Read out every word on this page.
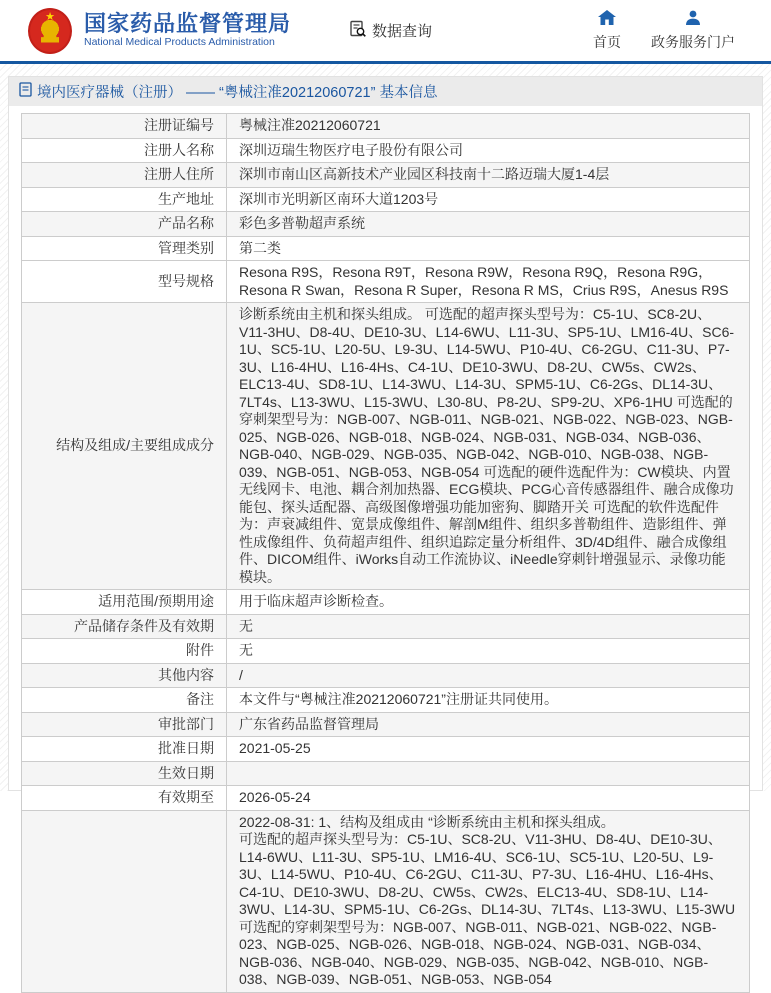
★	国家药品监督管理局
National Medical Products Administration
数据查询
首页 政务服务门户
境内医疗器械（注册） —— “粤械注准20212060721” 基本信息
注册证编号	粤械注准20212060721
注册人名称	深圳迈瑞生物医疗电子股份有限公司
注册人住所	深圳市南山区高新技术产业园区科技南十二路迈瑞大厦1-4层
生产地址	深圳市光明新区南环大道1203号
产品名称	彩色多普勒超声系统
管理类别	第二类
型号规格	Resona R9S，Resona R9T，Resona R9W，Resona R9Q，Resona R9G，Resona R Swan，Resona R Super，Resona R MS，Crius R9S，Anesus R9S
结构及组成/主要组成成分	诊断系统由主机和探头组成。 可选配的超声探头型号为：C5-1U、SC8-2U、V11-3HU、D8-4U、DE10-3U、L14-6WU、L11-3U、SP5-1U、LM16-4U、SC6-1U、SC5-1U、L20-5U、L9-3U、L14-5WU、P10-4U、C6-2GU、C11-3U、P7-3U、L16-4HU、L16-4Hs、C4-1U、DE10-3WU、D8-2U、CW5s、CW2s、ELC13-4U、SD8-1U、L14-3WU、L14-3U、SPM5-1U、C6-2Gs、DL14-3U、7LT4s、L13-3WU、L15-3WU、L30-8U、P8-2U、SP9-2U、XP6-1HU 可选配的穿刺架型号为：NGB-007、NGB-011、NGB-021、NGB-022、NGB-023、NGB-025、NGB-026、NGB-018、NGB-024、NGB-031、NGB-034、NGB-036、NGB-040、NGB-029、NGB-035、NGB-042、NGB-010、NGB-038、NGB-039、NGB-051、NGB-053、NGB-054 可选配的硬件选配件为：CW模块、内置无线网卡、电池、耦合剂加热器、ECG模块、PCG心音传感器组件、融合成像功能包、探头适配器、高级图像增强功能加密狗、脚踏开关 可选配的软件选配件为：声衰减组件、宽景成像组件、解剖M组件、组织多普勒组件、造影组件、弹性成像组件、负荷超声组件、组织追踪定量分析组件、3D/4D组件、融合成像组件、DICOM组件、iWorks自动工作流协议、iNeedle穿刺针增强显示、录像功能模块。
适用范围/预期用途	用于临床超声诊断检查。
产品储存条件及有效期	无
附件	无
其他内容	/
备注	本文件与“粤械注准20212060721”注册证共同使用。
审批部门	广东省药品监督管理局
批准日期	2021-05-25
生效日期	
有效期至	2026-05-24
	2022-08-31: 1、结构及组成由 “诊断系统由主机和探头组成。
可选配的超声探头型号为：C5-1U、SC8-2U、V11-3HU、D8-4U、DE10-3U、L14-6WU、L11-3U、SP5-1U、LM16-4U、SC6-1U、SC5-1U、L20-5U、L9-3U、L14-5WU、P10-4U、C6-2GU、C11-3U、P7-3U、L16-4HU、L16-4Hs、C4-1U、DE10-3WU、D8-2U、CW5s、CW2s、ELC13-4U、SD8-1U、L14-3WU、L14-3U、SPM5-1U、C6-2Gs、DL14-3U、7LT4s、L13-3WU、L15-3WU
可选配的穿刺架型号为：NGB-007、NGB-011、NGB-021、NGB-022、NGB-023、NGB-025、NGB-026、NGB-018、NGB-024、NGB-031、NGB-034、NGB-036、NGB-040、NGB-029、NGB-035、NGB-042、NGB-010、NGB-038、NGB-039、NGB-051、NGB-053、NGB-054
